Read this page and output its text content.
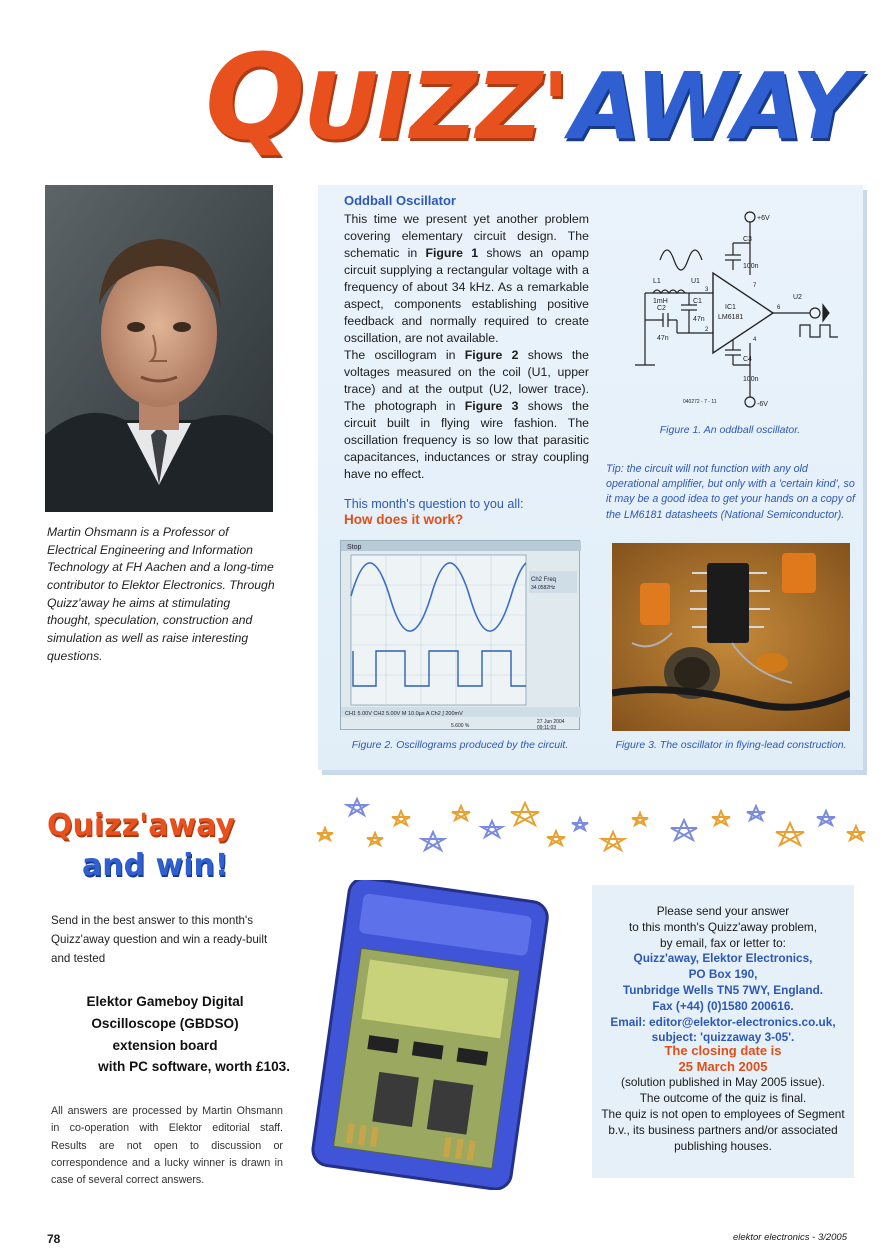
QUIZZ'AWAY
Martin Ohsmann is a Professor of Electrical Engineering and Information Technology at FH Aachen and a long-time contributor to Elektor Electronics. Through Quizz'away he aims at stimulating thought, speculation, construction and simulation as well as raise interesting questions.
Oddball Oscillator
This time we present yet another problem covering elementary circuit design. The schematic in Figure 1 shows an opamp circuit supplying a rectangular voltage with a frequency of about 34 kHz. As a remarkable aspect, components establishing positive feedback and normally required to create oscillation, are not available.
The oscillogram in Figure 2 shows the voltages measured on the coil (U1, upper trace) and at the output (U2, lower trace). The photograph in Figure 3 shows the circuit built in flying wire fashion. The oscillation frequency is so low that parasitic capacitances, inductances or stray coupling have no effect.
This month's question to you all:
How does it work?
+6V
-6V
C3
100n
C4
100n
L1
1mH
U1
C1
47n
C2
47n
IC1
LM6181
U2
040272 - 7 - 11
3
2
6
7
4
Figure 1. An oddball oscillator.
Tip: the circuit will not function with any old operational amplifier, but only with a 'certain kind', so it may be a good idea to get your hands on a copy of the LM6181 datasheets (National Semiconductor).
Stop
Ch2 Freq
34.0582Hz
CH1 5.00V CH2 5.00V M 10.0µs A Ch2 ∫ 200mV
27 Jun 2004
09:11:03
5.600 %
Figure 2. Oscillograms produced by the circuit.	Figure 3. The oscillator in flying-lead construction.
Quizz'away
and win!
Send in the best answer to this month's Quizz'away question and win a ready-built and tested
Elektor Gameboy Digital
Oscilloscope (GBDSO)
extension board
with PC software, worth £103.
All answers are processed by Martin Ohsmann in co-operation with Elektor editorial staff. Results are not open to discussion or correspondence and a lucky winner is drawn in case of several correct answers.
Please send your answer
to this month's Quizz'away problem,
by email, fax or letter to:
Quizz'away, Elektor Electronics,
PO Box 190,
Tunbridge Wells TN5 7WY, England.
Fax (+44) (0)1580 200616.
Email: editor@elektor-electronics.co.uk,
subject: 'quizzaway 3-05'.
The closing date is
25 March 2005
(solution published in May 2005 issue).
The outcome of the quiz is final.
The quiz is not open to employees of Segment b.v., its business partners and/or associated publishing houses.
78	elektor electronics - 3/2005
